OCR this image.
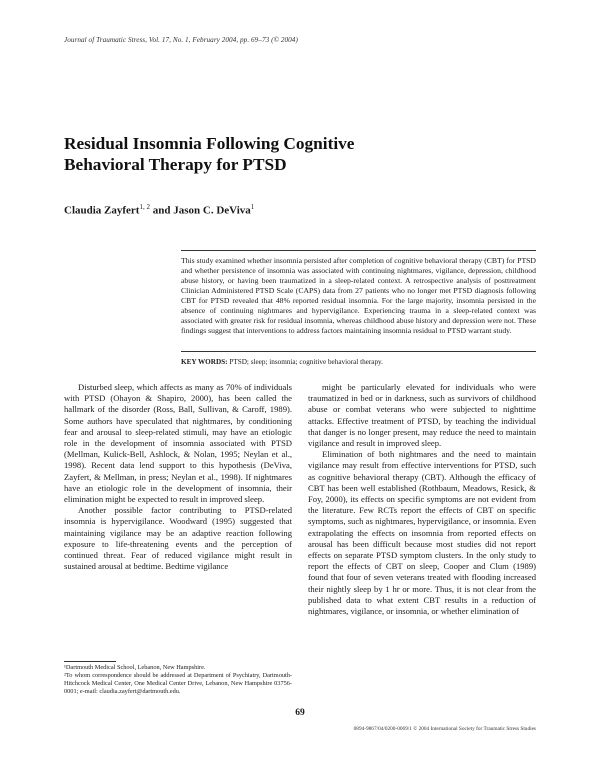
Journal of Traumatic Stress, Vol. 17, No. 1, February 2004, pp. 69–73 (© 2004)
Residual Insomnia Following Cognitive Behavioral Therapy for PTSD
Claudia Zayfert$^{1, 2}$ and Jason C. DeViva$^1$

This study examined whether insomnia persisted after completion of cognitive behavioral therapy (CBT) for PTSD and whether persistence of insomnia was associated with continuing nightmares, vigilance, depression, childhood abuse history, or having been traumatized in a sleep-related context. A retrospective analysis of posttreatment Clinician Administered PTSD Scale (CAPS) data from 27 patients who no longer met PTSD diagnosis following CBT for PTSD revealed that 48% reported residual insomnia. For the large majority, insomnia persisted in the absence of continuing nightmares and hypervigilance. Experiencing trauma in a sleep-related context was associated with greater risk for residual insomnia, whereas childhood abuse history and depression were not. These findings suggest that interventions to address factors maintaining insomnia residual to PTSD warrant study.

KEY WORDS: PTSD; sleep; insomnia; cognitive behavioral therapy.

Disturbed sleep, which affects as many as 70% of individuals with PTSD (Ohayon & Shapiro, 2000), has been called the hallmark of the disorder (Ross, Ball, Sullivan, & Caroff, 1989). Some authors have speculated that nightmares, by conditioning fear and arousal to sleep-related stimuli, may have an etiologic role in the development of insomnia associated with PTSD (Mellman, Kulick-Bell, Ashlock, & Nolan, 1995; Neylan et al., 1998). Recent data lend support to this hypothesis (DeViva, Zayfert, & Mellman, in press; Neylan et al., 1998). If nightmares have an etiologic role in the development of insomnia, their elimination might be expected to result in improved sleep.

Another possible factor contributing to PTSD-related insomnia is hypervigilance. Woodward (1995) suggested that maintaining vigilance may be an adaptive reaction following exposure to life-threatening events and the perception of continued threat. Fear of reduced vigilance might result in sustained arousal at bedtime. Bedtime vigilance

might be particularly elevated for individuals who were traumatized in bed or in darkness, such as survivors of childhood abuse or combat veterans who were subjected to nighttime attacks. Effective treatment of PTSD, by teaching the individual that danger is no longer present, may reduce the need to maintain vigilance and result in improved sleep.

Elimination of both nightmares and the need to maintain vigilance may result from effective interventions for PTSD, such as cognitive behavioral therapy (CBT). Although the efficacy of CBT has been well established (Rothbaum, Meadows, Resick, & Foy, 2000), its effects on specific symptoms are not evident from the literature. Few RCTs report the effects of CBT on specific symptoms, such as nightmares, hypervigilance, or insomnia. Even extrapolating the effects on insomnia from reported effects on arousal has been difficult because most studies did not report effects on separate PTSD symptom clusters. In the only study to report the effects of CBT on sleep, Cooper and Clum (1989) found that four of seven veterans treated with flooding increased their nightly sleep by 1 hr or more. Thus, it is not clear from the published data to what extent CBT results in a reduction of nightmares, vigilance, or insomnia, or whether elimination of

¹Dartmouth Medical School, Lebanon, New Hampshire.

²To whom correspondence should be addressed at Department of Psychiatry, Dartmouth-Hitchcock Medical Center, One Medical Center Drive, Lebanon, New Hampshire 03756-0001; e-mail: claudia.zayfert@dartmouth.edu.

69
0894-9867/04/0200-0069/1 © 2004 International Society for Traumatic Stress Studies
